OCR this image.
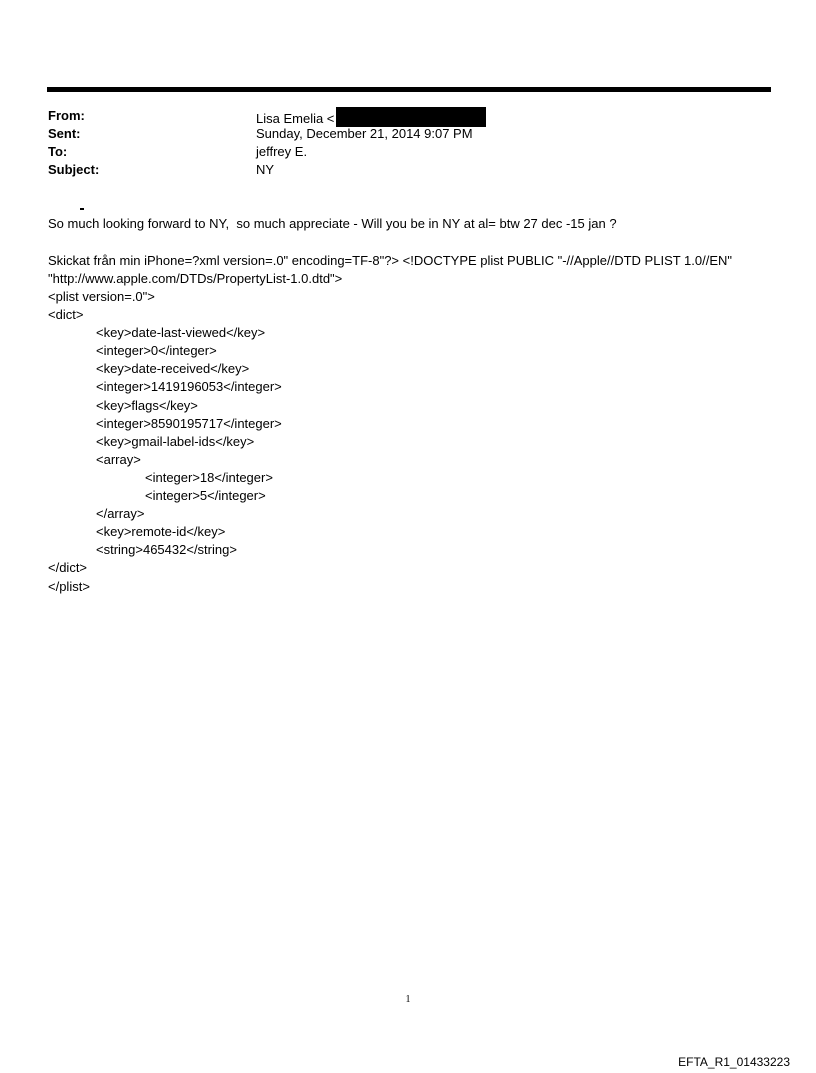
From:	Lisa Emelia <
Sent:	Sunday, December 21, 2014 9:07 PM
To:	jeffrey E.
Subject:	NY
So much looking forward to NY,  so much appreciate - Will you be in NY at al= btw 27 dec -15 jan ?
Skickat från min iPhone=?xml version=.0" encoding=TF-8"?> <!DOCTYPE plist PUBLIC "-//Apple//DTD PLIST 1.0//EN"
"http://www.apple.com/DTDs/PropertyList-1.0.dtd">
<plist version=.0">
<dict>
<key>date-last-viewed</key>
<integer>0</integer>
<key>date-received</key>
<integer>1419196053</integer>
<key>flags</key>
<integer>8590195717</integer>
<key>gmail-label-ids</key>
<array>
<integer>18</integer>
<integer>5</integer>
</array>
<key>remote-id</key>
<string>465432</string>
</dict>
</plist>
1
EFTA_R1_01433223
